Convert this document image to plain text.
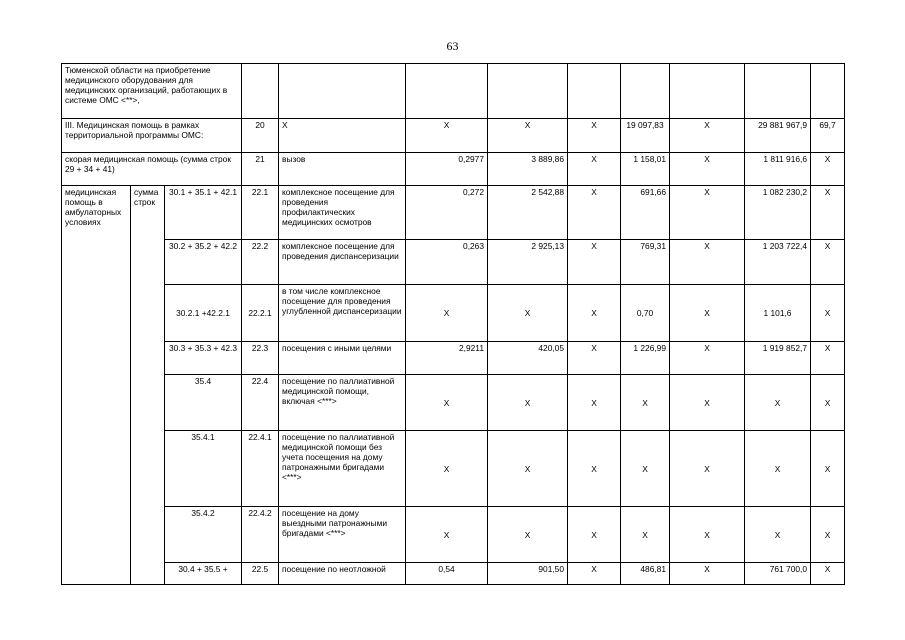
63
Тюменской области на приобретение медицинского оборудования для медицинских организаций, работающих в системе ОМС <**>,											
III. Медицинская помощь в рамках территориальной программы ОМС:			20	Х	Х	Х	Х	19 097,83	Х	29 881 967,9	69,7
скорая медицинская помощь (сумма строк 29 + 34 + 41)			21	вызов	0,2977	3 889,86	Х	1 158,01	Х	1 811 916,6	Х
медицинская помощь в амбулаторных условиях	сумма строк	30.1 + 35.1 + 42.1	22.1	комплексное посещение для проведения профилактических медицинских осмотров	0,272	2 542,88	Х	691,66	Х	1 082 230,2	Х
		30.2 + 35.2 + 42.2	22.2	комплексное посещение для проведения диспансеризации	0,263	2 925,13	Х	769,31	Х	1 203 722,4	Х
		30.2.1 +42.2.1	22.2.1	в том числе комплексное посещение для проведения углубленной диспансеризации	Х	Х	Х	0,70	Х	1 101,6	Х
		30.3 + 35.3 + 42.3	22.3	посещения с иными целями	2,9211	420,05	Х	1 226,99	Х	1 919 852,7	Х
		35.4	22.4	посещение по паллиативной медицинской помощи, включая <***>	Х	Х	Х	Х	Х	Х	Х
		35.4.1	22.4.1	посещение по паллиативной медицинской помощи без учета посещения на дому патронажными бригадами <***>	Х	Х	Х	Х	Х	Х	Х
		35.4.2	22.4.2	посещение на дому выездными патронажными бригадами <***>	Х	Х	Х	Х	Х	Х	Х
		30.4 + 35.5 +	22.5	посещение по неотложной	0,54	901,50	Х	486,81	Х	761 700,0	Х
